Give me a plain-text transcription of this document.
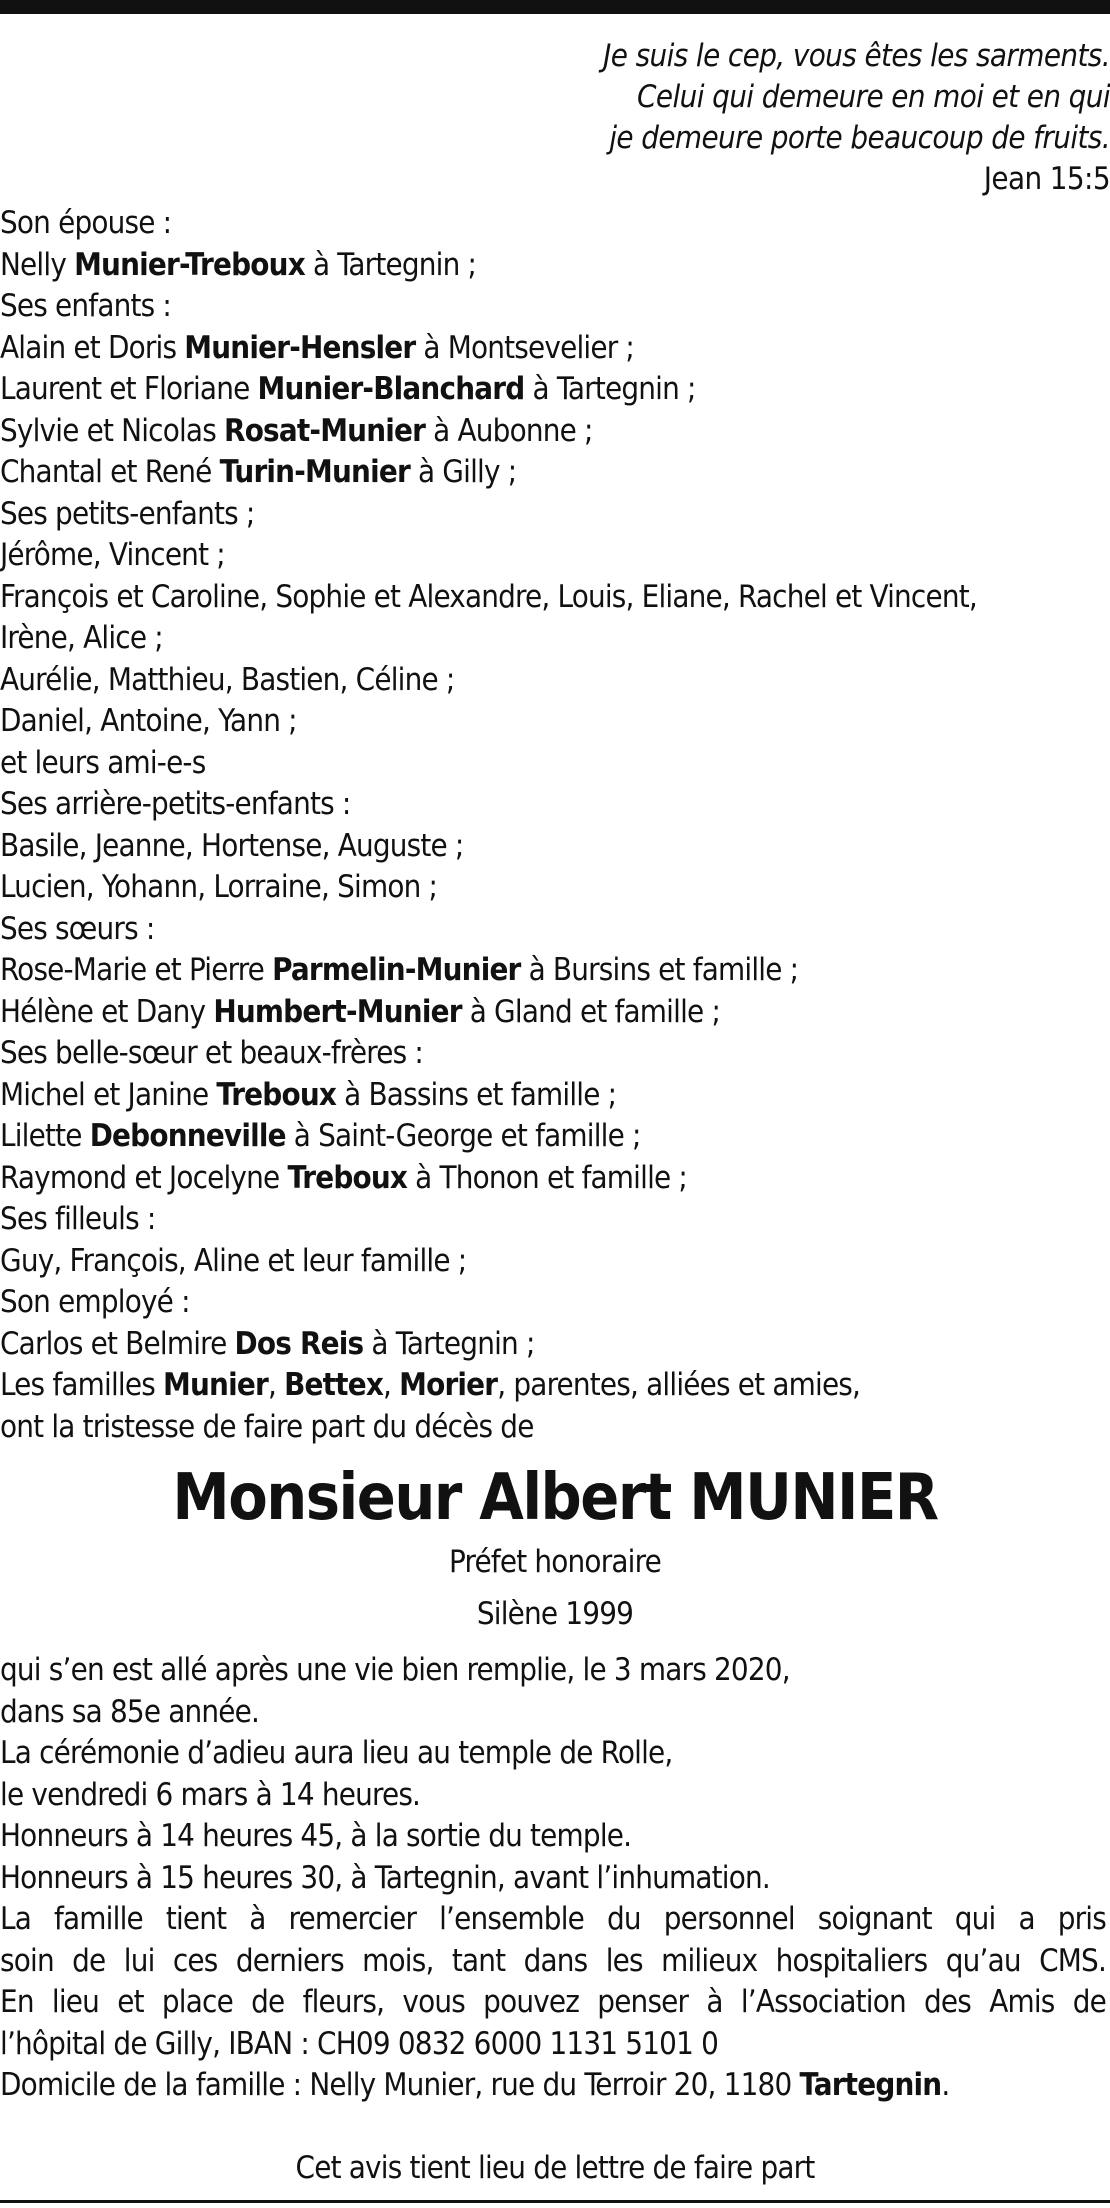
Je suis le cep, vous êtes les sarments.
Celui qui demeure en moi et en qui
je demeure porte beaucoup de fruits.
Jean 15:5
Son épouse :
Nelly Munier-Treboux à Tartegnin ;
Ses enfants :
Alain et Doris Munier-Hensler à Montsevelier ;
Laurent et Floriane Munier-Blanchard à Tartegnin ;
Sylvie et Nicolas Rosat-Munier à Aubonne ;
Chantal et René Turin-Munier à Gilly ;
Ses petits-enfants ;
Jérôme, Vincent ;
François et Caroline, Sophie et Alexandre, Louis, Eliane, Rachel et Vincent,
Irène, Alice ;
Aurélie, Matthieu, Bastien, Céline ;
Daniel, Antoine, Yann ;
et leurs ami-e-s
Ses arrière-petits-enfants :
Basile, Jeanne, Hortense, Auguste ;
Lucien, Yohann, Lorraine, Simon ;
Ses sœurs :
Rose-Marie et Pierre Parmelin-Munier à Bursins et famille ;
Hélène et Dany Humbert-Munier à Gland et famille ;
Ses belle-sœur et beaux-frères :
Michel et Janine Treboux à Bassins et famille ;
Lilette Debonneville à Saint-George et famille ;
Raymond et Jocelyne Treboux à Thonon et famille ;
Ses filleuls :
Guy, François, Aline et leur famille ;
Son employé :
Carlos et Belmire Dos Reis à Tartegnin ;
Les familles Munier, Bettex, Morier, parentes, alliées et amies,
ont la tristesse de faire part du décès de
Monsieur Albert MUNIER
Préfet honoraire
Silène 1999
qui s’en est allé après une vie bien remplie, le 3 mars 2020,
dans sa 85e année.
La cérémonie d’adieu aura lieu au temple de Rolle,
le vendredi 6 mars à 14 heures.
Honneurs à 14 heures 45, à la sortie du temple.
Honneurs à 15 heures 30, à Tartegnin, avant l’inhumation.
La famille tient à remercier l’ensemble du personnel soignant qui a pris
soin de lui ces derniers mois, tant dans les milieux hospitaliers qu’au CMS.
En lieu et place de fleurs, vous pouvez penser à l’Association des Amis de
l’hôpital de Gilly, IBAN : CH09 0832 6000 1131 5101 0
Domicile de la famille : Nelly Munier, rue du Terroir 20, 1180 Tartegnin.
Cet avis tient lieu de lettre de faire part
